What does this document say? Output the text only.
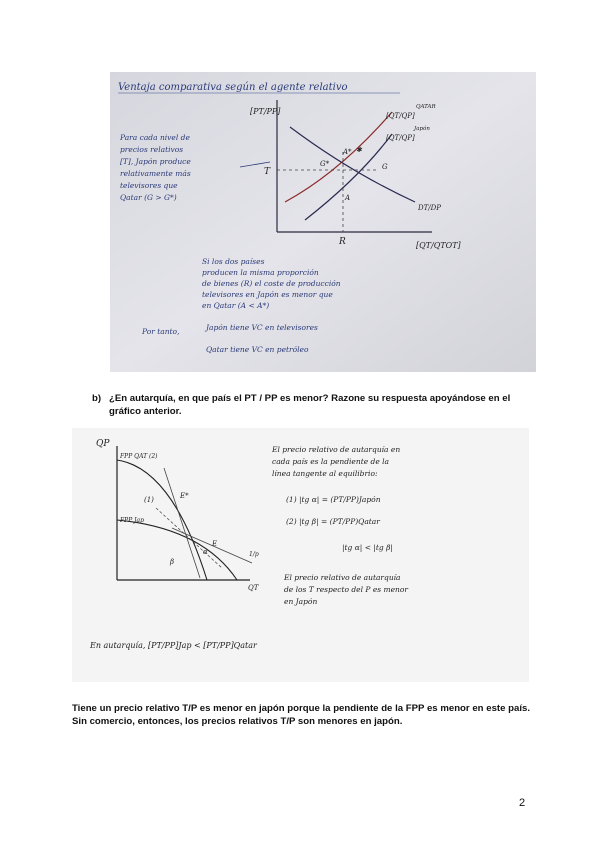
Ventaja comparativa según el agente relativo
[PT/PP]
[QT/QTOT]
[QT/QP]
QATAR
[QT/QP]
Japón
DT/DP
T
G*
A*
G
A
R
✱
Para cada nivel de
precios relativos
[T], Japón produce
relativamente más
televisores que
Qatar (G > G*)
Si los dos países
producen la misma proporción
de bienes (R) el coste de producción
televisores en Japón es menor que
en Qatar (A < A*)
Por tanto,	Japón tiene VC en televisores
Qatar tiene VC en petróleo
b) ¿En autarquía, en que país el PT / PP es menor? Razone su respuesta apoyándose en el gráfico anterior.
QP
QT
FPP QAT (2)
FPP Jap
(1)	E*
E
α
β
1/p
El precio relativo de autarquía en
cada país es la pendiente de la
línea tangente al equilibrio:
(1) |tg α| = (PT/PP)Japón
(2) |tg β| = (PT/PP)Qatar
|tg α| < |tg β|
El precio relativo de autarquía
de los T respecto del P es menor
en Japón
En autarquía, [PT/PP]Jap < [PT/PP]Qatar
Tiene un precio relativo T/P es menor en japón porque la pendiente de la FPP es menor en este país. Sin comercio, entonces, los precios relativos T/P son menores en japón.
2
